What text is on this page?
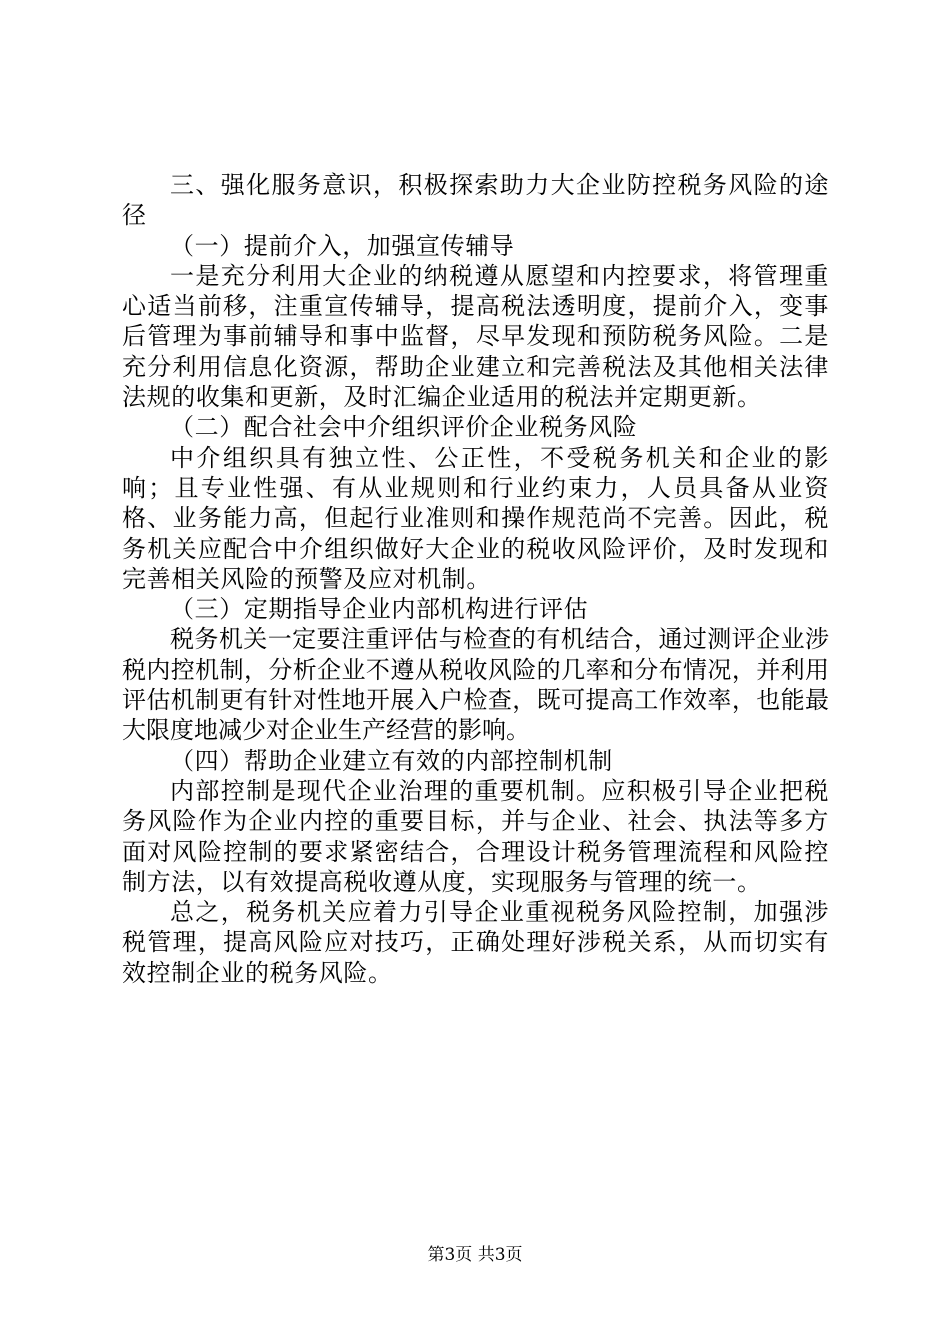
三、强化服务意识，积极探索助力大企业防控税务风险的途径

（一）提前介入，加强宣传辅导

一是充分利用大企业的纳税遵从愿望和内控要求，将管理重心适当前移，注重宣传辅导，提高税法透明度，提前介入，变事后管理为事前辅导和事中监督，尽早发现和预防税务风险。二是充分利用信息化资源，帮助企业建立和完善税法及其他相关法律法规的收集和更新，及时汇编企业适用的税法并定期更新。

（二）配合社会中介组织评价企业税务风险

中介组织具有独立性、公正性，不受税务机关和企业的影响；且专业性强、有从业规则和行业约束力，人员具备从业资格、业务能力高，但起行业准则和操作规范尚不完善。因此，税务机关应配合中介组织做好大企业的税收风险评价，及时发现和完善相关风险的预警及应对机制。

（三）定期指导企业内部机构进行评估

税务机关一定要注重评估与检查的有机结合，通过测评企业涉税内控机制，分析企业不遵从税收风险的几率和分布情况，并利用评估机制更有针对性地开展入户检查，既可提高工作效率，也能最大限度地减少对企业生产经营的影响。

（四）帮助企业建立有效的内部控制机制

内部控制是现代企业治理的重要机制。应积极引导企业把税务风险作为企业内控的重要目标，并与企业、社会、执法等多方面对风险控制的要求紧密结合，合理设计税务管理流程和风险控制方法，以有效提高税收遵从度，实现服务与管理的统一。

总之，税务机关应着力引导企业重视税务风险控制，加强涉税管理，提高风险应对技巧，正确处理好涉税关系，从而切实有效控制企业的税务风险。

第3页 共3页
